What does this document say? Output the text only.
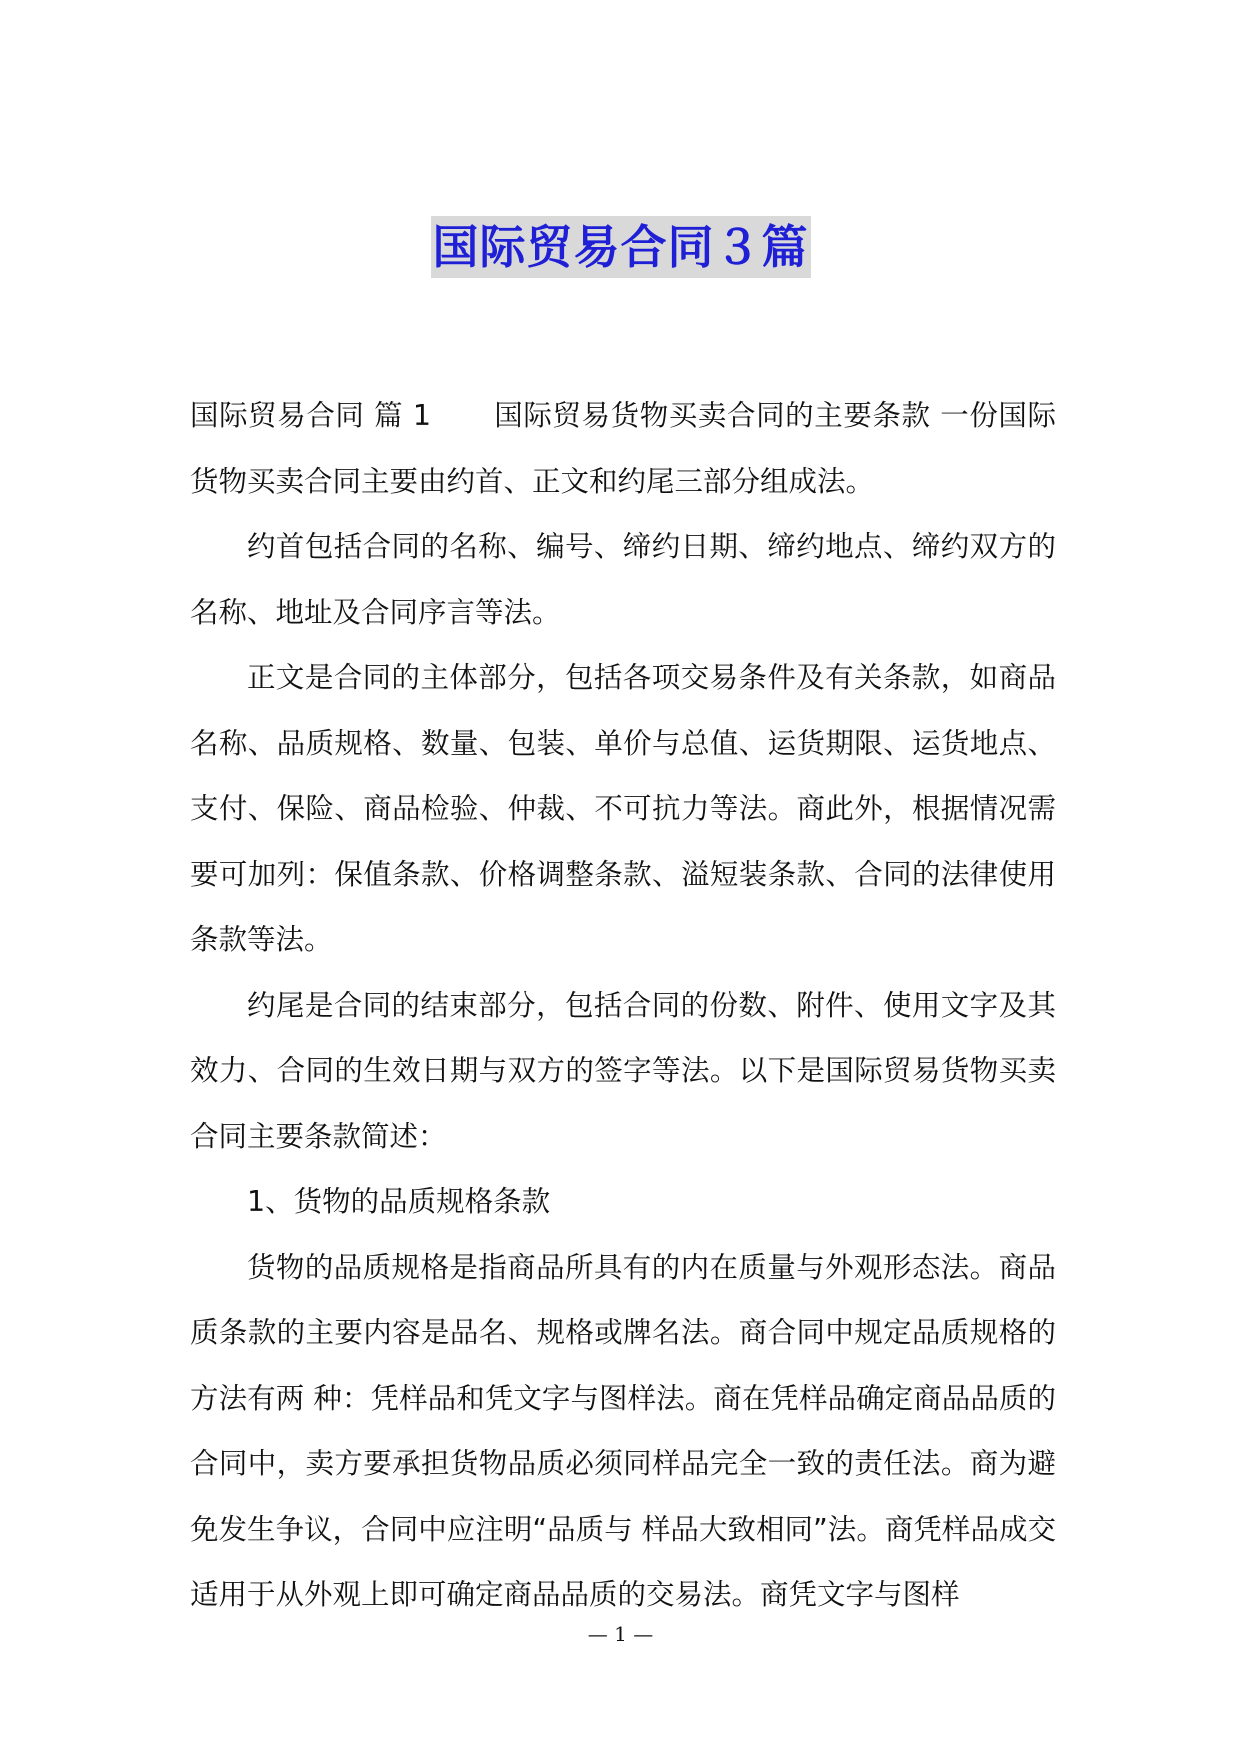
国际贸易合同３篇

国际贸易合同 篇 1 国际贸易货物买卖合同的主要条款 一份国际货物买卖合同主要由约首、正文和约尾三部分组成法。

约首包括合同的名称、编号、缔约日期、缔约地点、缔约双方的名称、地址及合同序言等法。

正文是合同的主体部分，包括各项交易条件及有关条款，如商品名称、品质规格、数量、包装、单价与总值、运货期限、运货地点、支付、保险、商品检验、仲裁、不可抗力等法。商此外，根据情况需要可加列：保值条款、价格调整条款、溢短装条款、合同的法律使用条款等法。

约尾是合同的结束部分，包括合同的份数、附件、使用文字及其效力、合同的生效日期与双方的签字等法。以下是国际贸易货物买卖合同主要条款简述：

1、货物的品质规格条款

货物的品质规格是指商品所具有的内在质量与外观形态法。商品质条款的主要内容是品名、规格或牌名法。商合同中规定品质规格的方法有两 种：凭样品和凭文字与图样法。商在凭样品确定商品品质的合同中，卖方要承担货物品质必须同样品完全一致的责任法。商为避免发生争议，合同中应注明“品质与 样品大致相同”法。商凭样品成交适用于从外观上即可确定商品品质的交易法。商凭文字与图样

— 1 —
